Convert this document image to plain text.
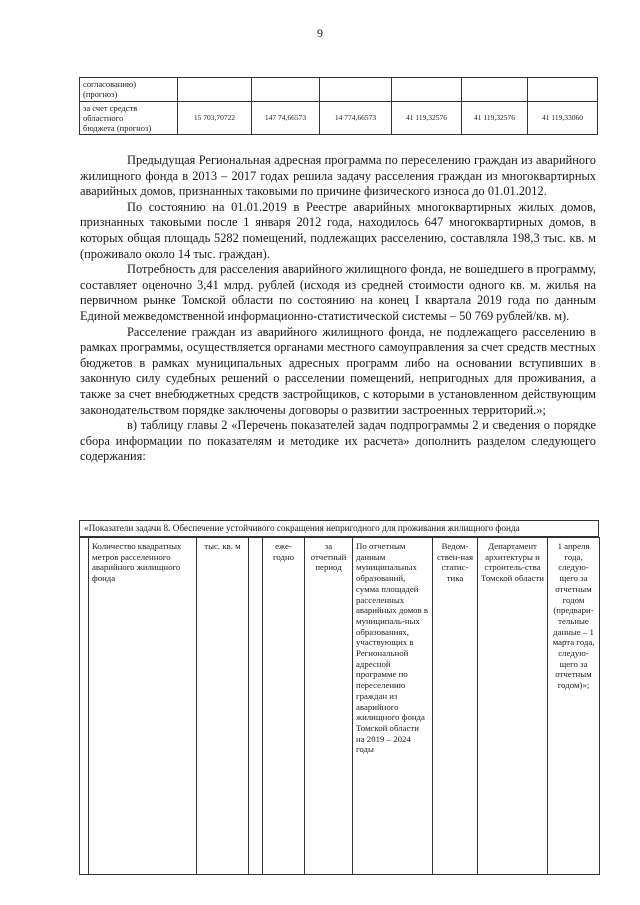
9
согласованию)
(прогноз)						
за счет средств
областного
бюджета (прогноз)	15 703,70722	147 74,66573	14 774,66573	41 119,32576	41 119,32576	41 119,33060

Предыдущая Региональная адресная программа по переселению граждан из аварийного жилищного фонда в 2013 – 2017 годах решила задачу расселения граждан из многоквартирных аварийных домов, признанных таковыми по причине физического износа до 01.01.2012.

По состоянию на 01.01.2019 в Реестре аварийных многоквартирных жилых домов, признанных таковыми после 1 января 2012 года, находилось 647 многоквартирных домов, в которых общая площадь 5282 помещений, подлежащих расселению, составляла 198,3 тыс. кв. м (проживало около 14 тыс. граждан).

Потребность для расселения аварийного жилищного фонда, не вошедшего в программу, составляет оценочно 3,41 млрд. рублей (исходя из средней стоимости одного кв. м. жилья на первичном рынке Томской области по состоянию на конец I квартала 2019 года по данным Единой межведомственной информационно-статистической системы – 50 769 рублей/кв. м).

Расселение граждан из аварийного жилищного фонда, не подлежащего расселению в рамках программы, осуществляется органами местного самоуправления за счет средств местных бюджетов в рамках муниципальных адресных программ либо на основании вступивших в законную силу судебных решений о расселении помещений, непригодных для проживания, а также за счет внебюджетных средств застройщиков, с которыми в установленном действующим законодательством порядке заключены договоры о развитии застроенных территорий.»;

в) таблицу главы 2 «Перечень показателей задач подпрограммы 2 и сведения о порядке сбора информации по показателям и методике их расчета» дополнить разделом следующего содержания:

«Показатели задачи 8. Обеспечение устойчивого сокращения непригодного для проживания жилищного фонда
	Количество квадратных метров расселенного аварийного жилищного фонда	тыс. кв. м		еже-годно	за отчетный период	По отчетным данным муниципальных образований, сумма площадей расселенных аварийных домов в муниципаль-ных образованиях, участвующих в Региональной адресной программе по переселению граждан из аварийного жилищного фонда Томской области на 2019 – 2024 годы	Ведом-ствен-ная статис-тика	Департамент архитектуры и строитель-ства Томской области	1 апреля года, следую-щего за отчетным годом (предвари-тельные данные – 1 марта года, следую-щего за отчетным годом)»;
